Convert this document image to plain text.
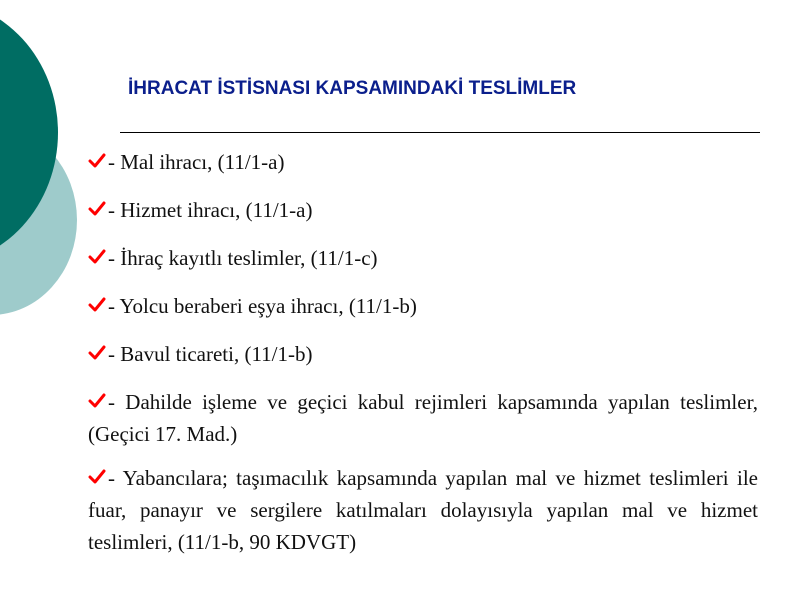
İHRACAT İSTİSNASI KAPSAMINDAKİ TESLİMLER
- Mal ihracı, (11/1-a)
- Hizmet ihracı, (11/1-a)
- İhraç kayıtlı teslimler, (11/1-c)
- Yolcu beraberi eşya ihracı, (11/1-b)
- Bavul ticareti, (11/1-b)
- Dahilde işleme ve geçici kabul rejimleri kapsamında yapılan teslimler, (Geçici 17. Mad.)
- Yabancılara; taşımacılık kapsamında yapılan mal ve hizmet teslimleri ile fuar, panayır ve sergilere katılmaları dolayısıyla yapılan mal ve hizmet teslimleri, (11/1-b, 90 KDVGT)
